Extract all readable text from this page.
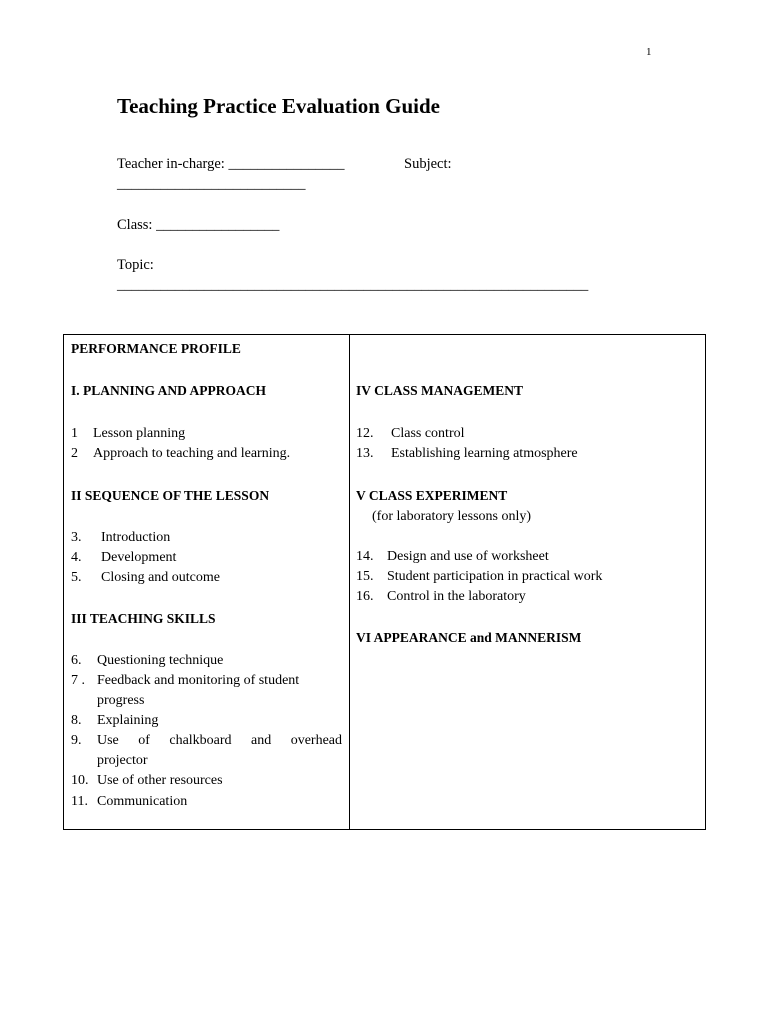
1
Teaching Practice Evaluation Guide
Teacher in-charge: ________________	Subject:
__________________________
Class: _________________
Topic:
_________________________________________________________________
PERFORMANCE PROFILE
I. PLANNING AND APPROACH
1 Lesson planning
2 Approach to teaching and learning.
II SEQUENCE OF THE LESSON
3. Introduction
4. Development
5. Closing and outcome
III TEACHING SKILLS
6. Questioning technique
7 . Feedback and monitoring of student
progress
8. Explaining
9. Use of chalkboard and overhead
projector
10. Use of other resources
11. Communication
IV CLASS MANAGEMENT
12. Class control
13. Establishing learning atmosphere
V CLASS EXPERIMENT
(for laboratory lessons only)
14. Design and use of worksheet
15. Student participation in practical work
16. Control in the laboratory
VI APPEARANCE and MANNERISM
